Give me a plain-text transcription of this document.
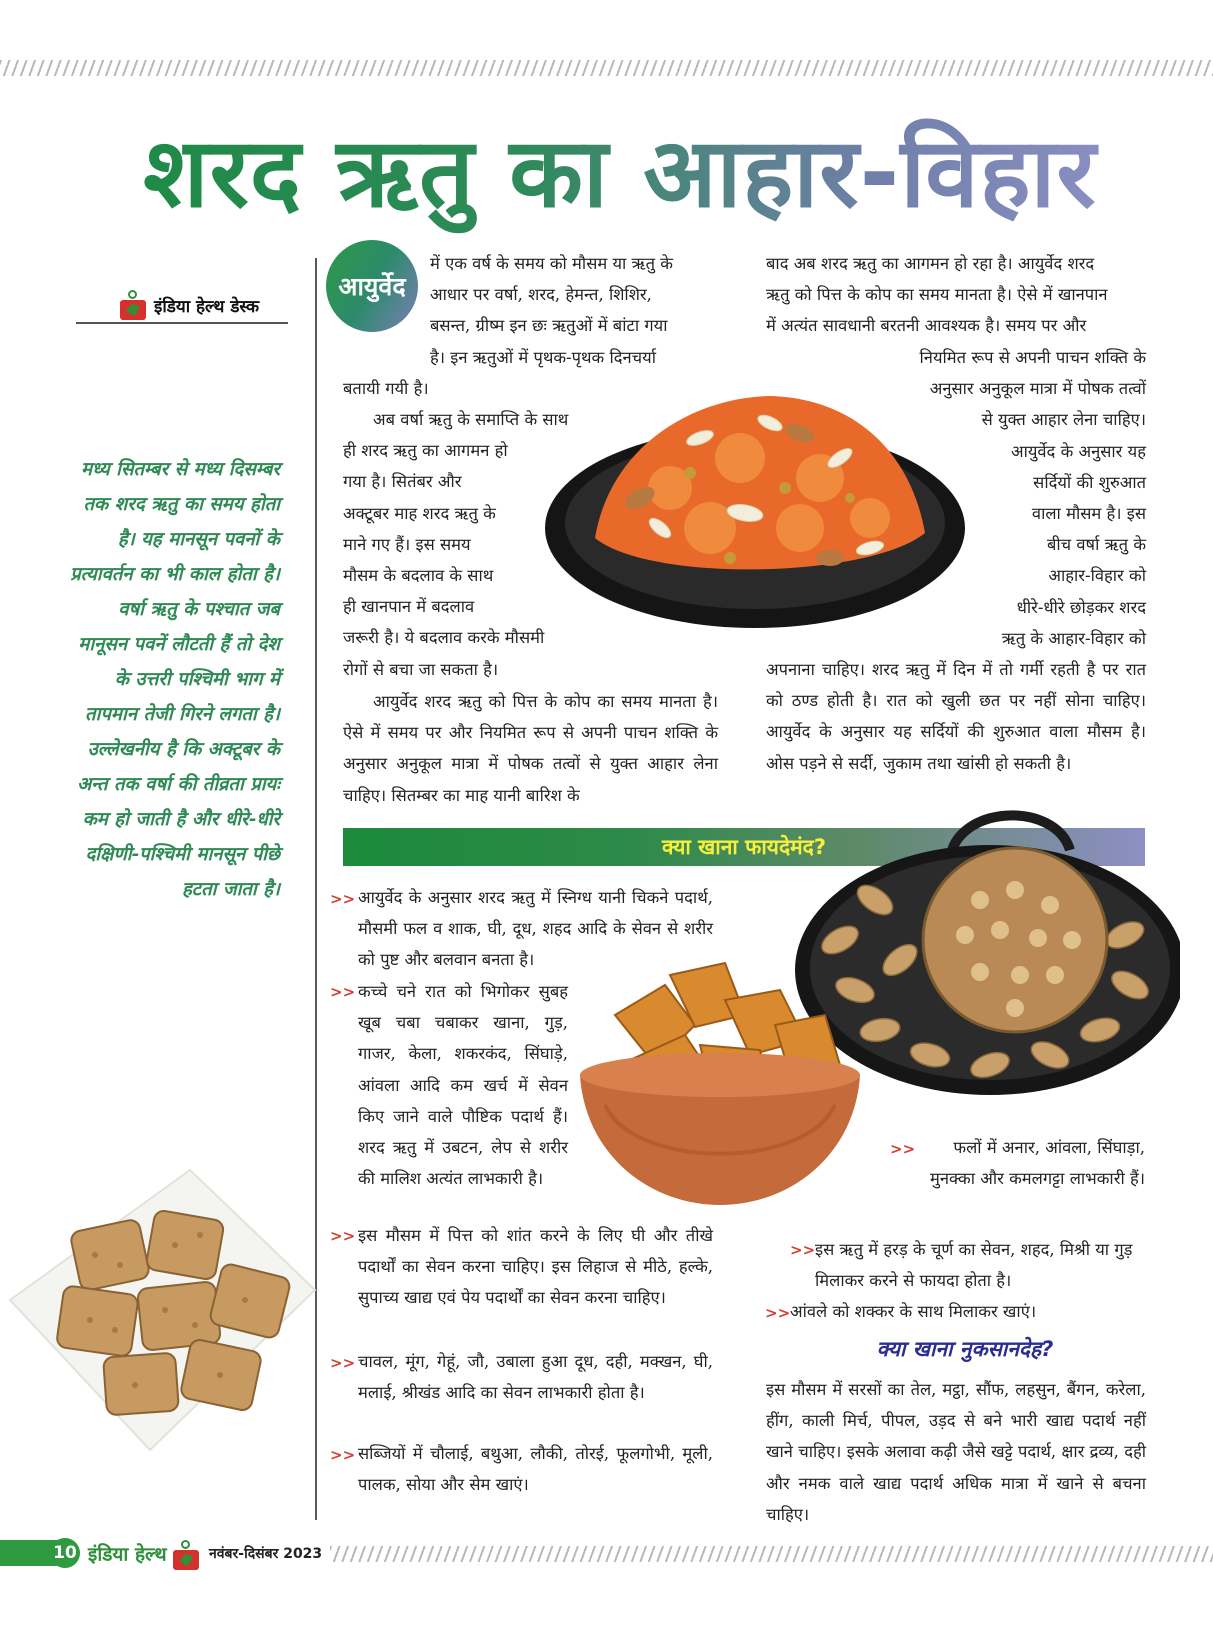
शरद ऋतु का आहार-विहार
इंडिया हेल्थ डेस्क

मध्य सितम्बर से मध्य दिसम्बर तक शरद ऋतु का समय होता है। यह मानसून पवनों के प्रत्यावर्तन का भी काल होता है। वर्षा ऋतु के पश्चात जब मानूसन पवनें लौटती हैं तो देश के उत्तरी पश्चिमी भाग में तापमान तेजी गिरने लगता है। उल्लेखनीय है कि अक्टूबर के अन्त तक वर्षा की तीव्रता प्रायः कम हो जाती है और धीरे-धीरे दक्षिणी-पश्चिमी मानसून पीछे हटता जाता है।

आयुर्वेद
में एक वर्ष के समय को मौसम या ऋतु के
आधार पर वर्षा, शरद, हेमन्त, शिशिर,
बसन्त, ग्रीष्म इन छः ऋतुओं में बांटा गया
है। इन ऋतुओं में पृथक-पृथक दिनचर्या
बतायी गयी है।
अब वर्षा ऋतु के समाप्ति के साथ
ही शरद ऋतु का आगमन हो
गया है। सितंबर और
अक्टूबर माह शरद ऋतु के
माने गए हैं। इस समय
मौसम के बदलाव के साथ
ही खानपान में बदलाव
जरूरी है। ये बदलाव करके मौसमी
रोगों से बचा जा सकता है।

आयुर्वेद शरद ऋतु को पित्त के कोप का समय मानता है। ऐसे में समय पर और नियमित रूप से अपनी पाचन शक्ति के अनुसार अनुकूल मात्रा में पोषक तत्वों से युक्त आहार लेना चाहिए। सितम्बर का माह यानी बारिश के

बाद अब शरद ऋतु का आगमन हो रहा है। आयुर्वेद शरद
ऋतु को पित्त के कोप का समय मानता है। ऐसे में खानपान
में अत्यंत सावधानी बरतनी आवश्यक है। समय पर और
नियमित रूप से अपनी पाचन शक्ति के
अनुसार अनुकूल मात्रा में पोषक तत्वों
से युक्त आहार लेना चाहिए।
आयुर्वेद के अनुसार यह
सर्दियों की शुरुआत
वाला मौसम है। इस
बीच वर्षा ऋतु के
आहार-विहार को
धीरे-धीरे छोड़कर शरद
ऋतु के आहार-विहार को

अपनाना चाहिए। शरद ऋतु में दिन में तो गर्मी रहती है पर रात को ठण्ड होती है। रात को खुली छत पर नहीं सोना चाहिए। आयुर्वेद के अनुसार यह सर्दियों की शुरुआत वाला मौसम है। ओस पड़ने से सर्दी, जुकाम तथा खांसी हो सकती है।

क्या खाना फायदेमंद?
>> आयुर्वेद के अनुसार शरद ऋतु में स्निग्ध यानी चिकने पदार्थ, मौसमी फल व शाक, घी, दूध, शहद आदि के सेवन से शरीर को पुष्ट और बलवान बनता है।

>> कच्चे चने रात को भिगोकर सुबह खूब चबा चबाकर खाना, गुड़, गाजर, केला, शकरकंद, सिंघाड़े, आंवला आदि कम खर्च में सेवन किए जाने वाले पौष्टिक पदार्थ हैं। शरद ऋतु में उबटन, लेप से शरीर की मालिश अत्यंत लाभकारी है।

>> इस मौसम में पित्त को शांत करने के लिए घी और तीखे पदार्थों का सेवन करना चाहिए। इस लिहाज से मीठे, हल्के, सुपाच्य खाद्य एवं पेय पदार्थों का सेवन करना चाहिए।

>> चावल, मूंग, गेहूं, जौ, उबाला हुआ दूध, दही, मक्खन, घी, मलाई, श्रीखंड आदि का सेवन लाभकारी होता है।

>> सब्जियों में चौलाई, बथुआ, लौकी, तोरई, फूलगोभी, मूली, पालक, सोया और सेम खाएं।

>>	फलों में अनार, आंवला, सिंघाड़ा, मुनक्का और कमलगट्टा लाभकारी हैं।

>> इस ऋतु में हरड़ के चूर्ण का सेवन, शहद, मिश्री या गुड़ मिलाकर करने से फायदा होता है।

>> आंवले को शक्कर के साथ मिलाकर खाएं।

क्या खाना नुकसानदेह?

इस मौसम में सरसों का तेल, मट्ठा, सौंफ, लहसुन, बैंगन, करेला, हींग, काली मिर्च, पीपल, उड़द से बने भारी खाद्य पदार्थ नहीं खाने चाहिए। इसके अलावा कढ़ी जैसे खट्टे पदार्थ, क्षार द्रव्य, दही और नमक वाले खाद्य पदार्थ अधिक मात्रा में खाने से बचना चाहिए।

10 इंडिया हेल्थ	नवंबर-दिसंबर 2023
